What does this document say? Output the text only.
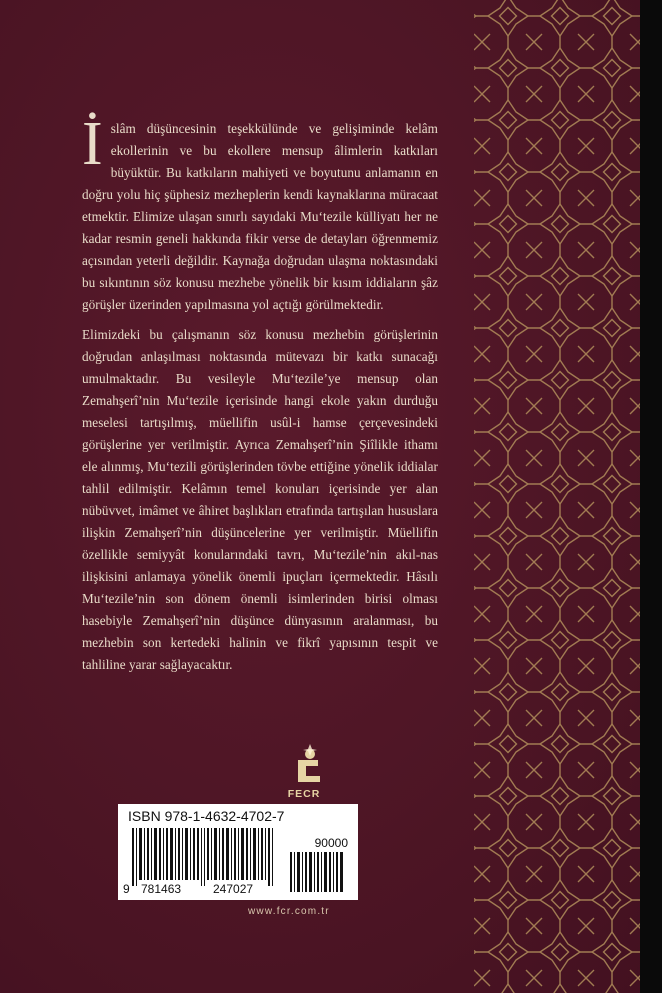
İslâm düşüncesinin teşekkülünde ve gelişiminde kelâm ekollerinin ve bu ekollere mensup âlimlerin katkıları büyüktür. Bu katkıların mahiyeti ve boyutunu anlamanın en doğru yolu hiç şüphesiz mezheplerin kendi kaynaklarına müracaat etmektir. Elimize ulaşan sınırlı sayıdaki Mu‘tezile külliyatı her ne kadar resmin geneli hakkında fikir verse de detayları öğrenmemiz açısından yeterli değildir. Kaynağa doğrudan ulaşma noktasındaki bu sıkıntının söz konusu mezhebe yönelik bir kısım iddiaların şâz görüşler üzerinden yapılmasına yol açtığı görülmektedir.

Elimizdeki bu çalışmanın söz konusu mezhebin görüşlerinin doğrudan anlaşılması noktasında mütevazı bir katkı sunacağı umulmaktadır. Bu vesileyle Mu‘tezile’ye mensup olan Zemahşerî’nin Mu‘tezile içerisinde hangi ekole yakın durduğu meselesi tartışılmış, müellifin usûl-i hamse çerçevesindeki görüşlerine yer verilmiştir. Ayrıca Zemahşerî’nin Şiîlikle ithamı ele alınmış, Mu‘tezili görüşlerinden tövbe ettiğine yönelik iddialar tahlil edilmiştir. Kelâmın temel konuları içerisinde yer alan nübüvvet, imâmet ve âhiret başlıkları etrafında tartışılan hususlara ilişkin Zemahşerî’nin düşüncelerine yer verilmiştir. Müellifin özellikle semiyyât konularındaki tavrı, Mu‘tezile’nin akıl-nas ilişkisini anlamaya yönelik önemli ipuçları içermektedir. Hâsılı Mu‘tezile’nin son dönem önemli isimlerinden birisi olması hasebiyle Zemahşerî’nin düşünce dünyasının aralanması, bu mezhebin son kertedeki halinin ve fikrî yapısının tespit ve tahliline yarar sağlayacaktır.

FECR
ISBN 978-1-4632-4702-7
90000
9 781463	247027
www.fcr.com.tr
